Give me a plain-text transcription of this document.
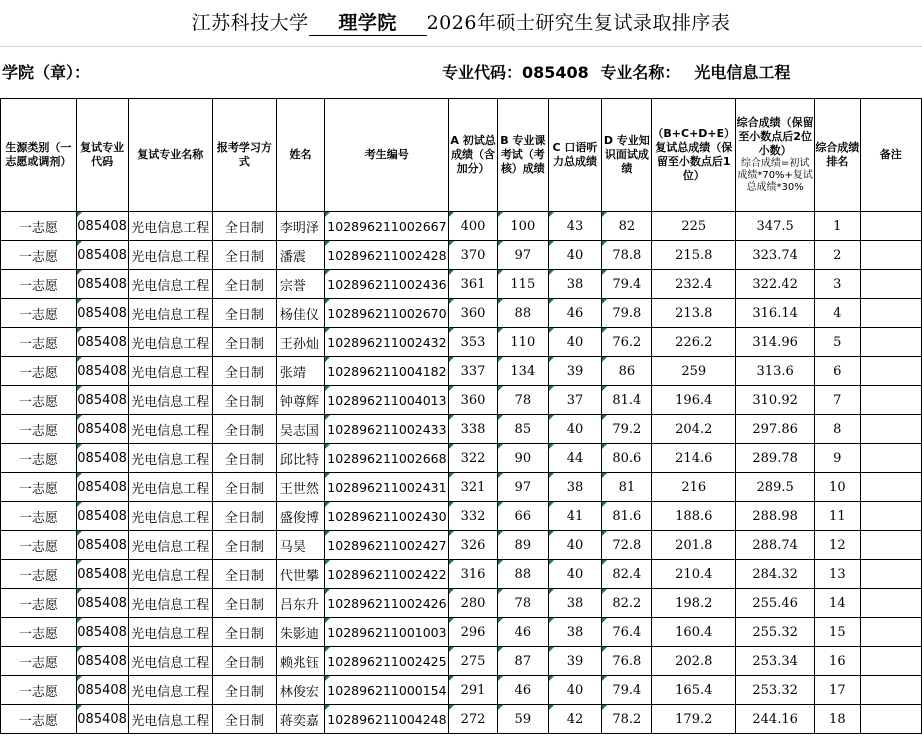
江苏科技大学 理学院 2026年硕士研究生复试录取排序表
学院（章）：	专业代码：085408 专业名称： 光电信息工程
生源类别（一志愿或调剂）	复试专业代码	复试专业名称	报考学习方式	姓名	考生编号	A 初试总成绩（含加分）	B 专业课考试（考核）成绩	C 口语听力总成绩	D 专业知识面试成绩	（B+C+D+E）复试总成绩（保留至小数点后1位）	综合成绩（保留至小数点后2位小数）
综合成绩=初试成绩*70%+复试总成绩*30%	综合成绩排名	备注
一志愿	085408	光电信息工程	全日制	李明泽	102896211002667	400	100	43	82	225	347.5	1	
一志愿	085408	光电信息工程	全日制	潘震	102896211002428	370	97	40	78.8	215.8	323.74	2	
一志愿	085408	光电信息工程	全日制	宗誉	102896211002436	361	115	38	79.4	232.4	322.42	3	
一志愿	085408	光电信息工程	全日制	杨佳仪	102896211002670	360	88	46	79.8	213.8	316.14	4	
一志愿	085408	光电信息工程	全日制	王孙灿	102896211002432	353	110	40	76.2	226.2	314.96	5	
一志愿	085408	光电信息工程	全日制	张靖	102896211004182	337	134	39	86	259	313.6	6	
一志愿	085408	光电信息工程	全日制	钟尊辉	102896211004013	360	78	37	81.4	196.4	310.92	7	
一志愿	085408	光电信息工程	全日制	吴志国	102896211002433	338	85	40	79.2	204.2	297.86	8	
一志愿	085408	光电信息工程	全日制	邱比特	102896211002668	322	90	44	80.6	214.6	289.78	9	
一志愿	085408	光电信息工程	全日制	王世然	102896211002431	321	97	38	81	216	289.5	10	
一志愿	085408	光电信息工程	全日制	盛俊博	102896211002430	332	66	41	81.6	188.6	288.98	11	
一志愿	085408	光电信息工程	全日制	马昊	102896211002427	326	89	40	72.8	201.8	288.74	12	
一志愿	085408	光电信息工程	全日制	代世攀	102896211002422	316	88	40	82.4	210.4	284.32	13	
一志愿	085408	光电信息工程	全日制	吕东升	102896211002426	280	78	38	82.2	198.2	255.46	14	
一志愿	085408	光电信息工程	全日制	朱影迪	102896211001003	296	46	38	76.4	160.4	255.32	15	
一志愿	085408	光电信息工程	全日制	赖兆钰	102896211002425	275	87	39	76.8	202.8	253.34	16	
一志愿	085408	光电信息工程	全日制	林俊宏	102896211000154	291	46	40	79.4	165.4	253.32	17	
一志愿	085408	光电信息工程	全日制	蒋奕嘉	102896211004248	272	59	42	78.2	179.2	244.16	18	
